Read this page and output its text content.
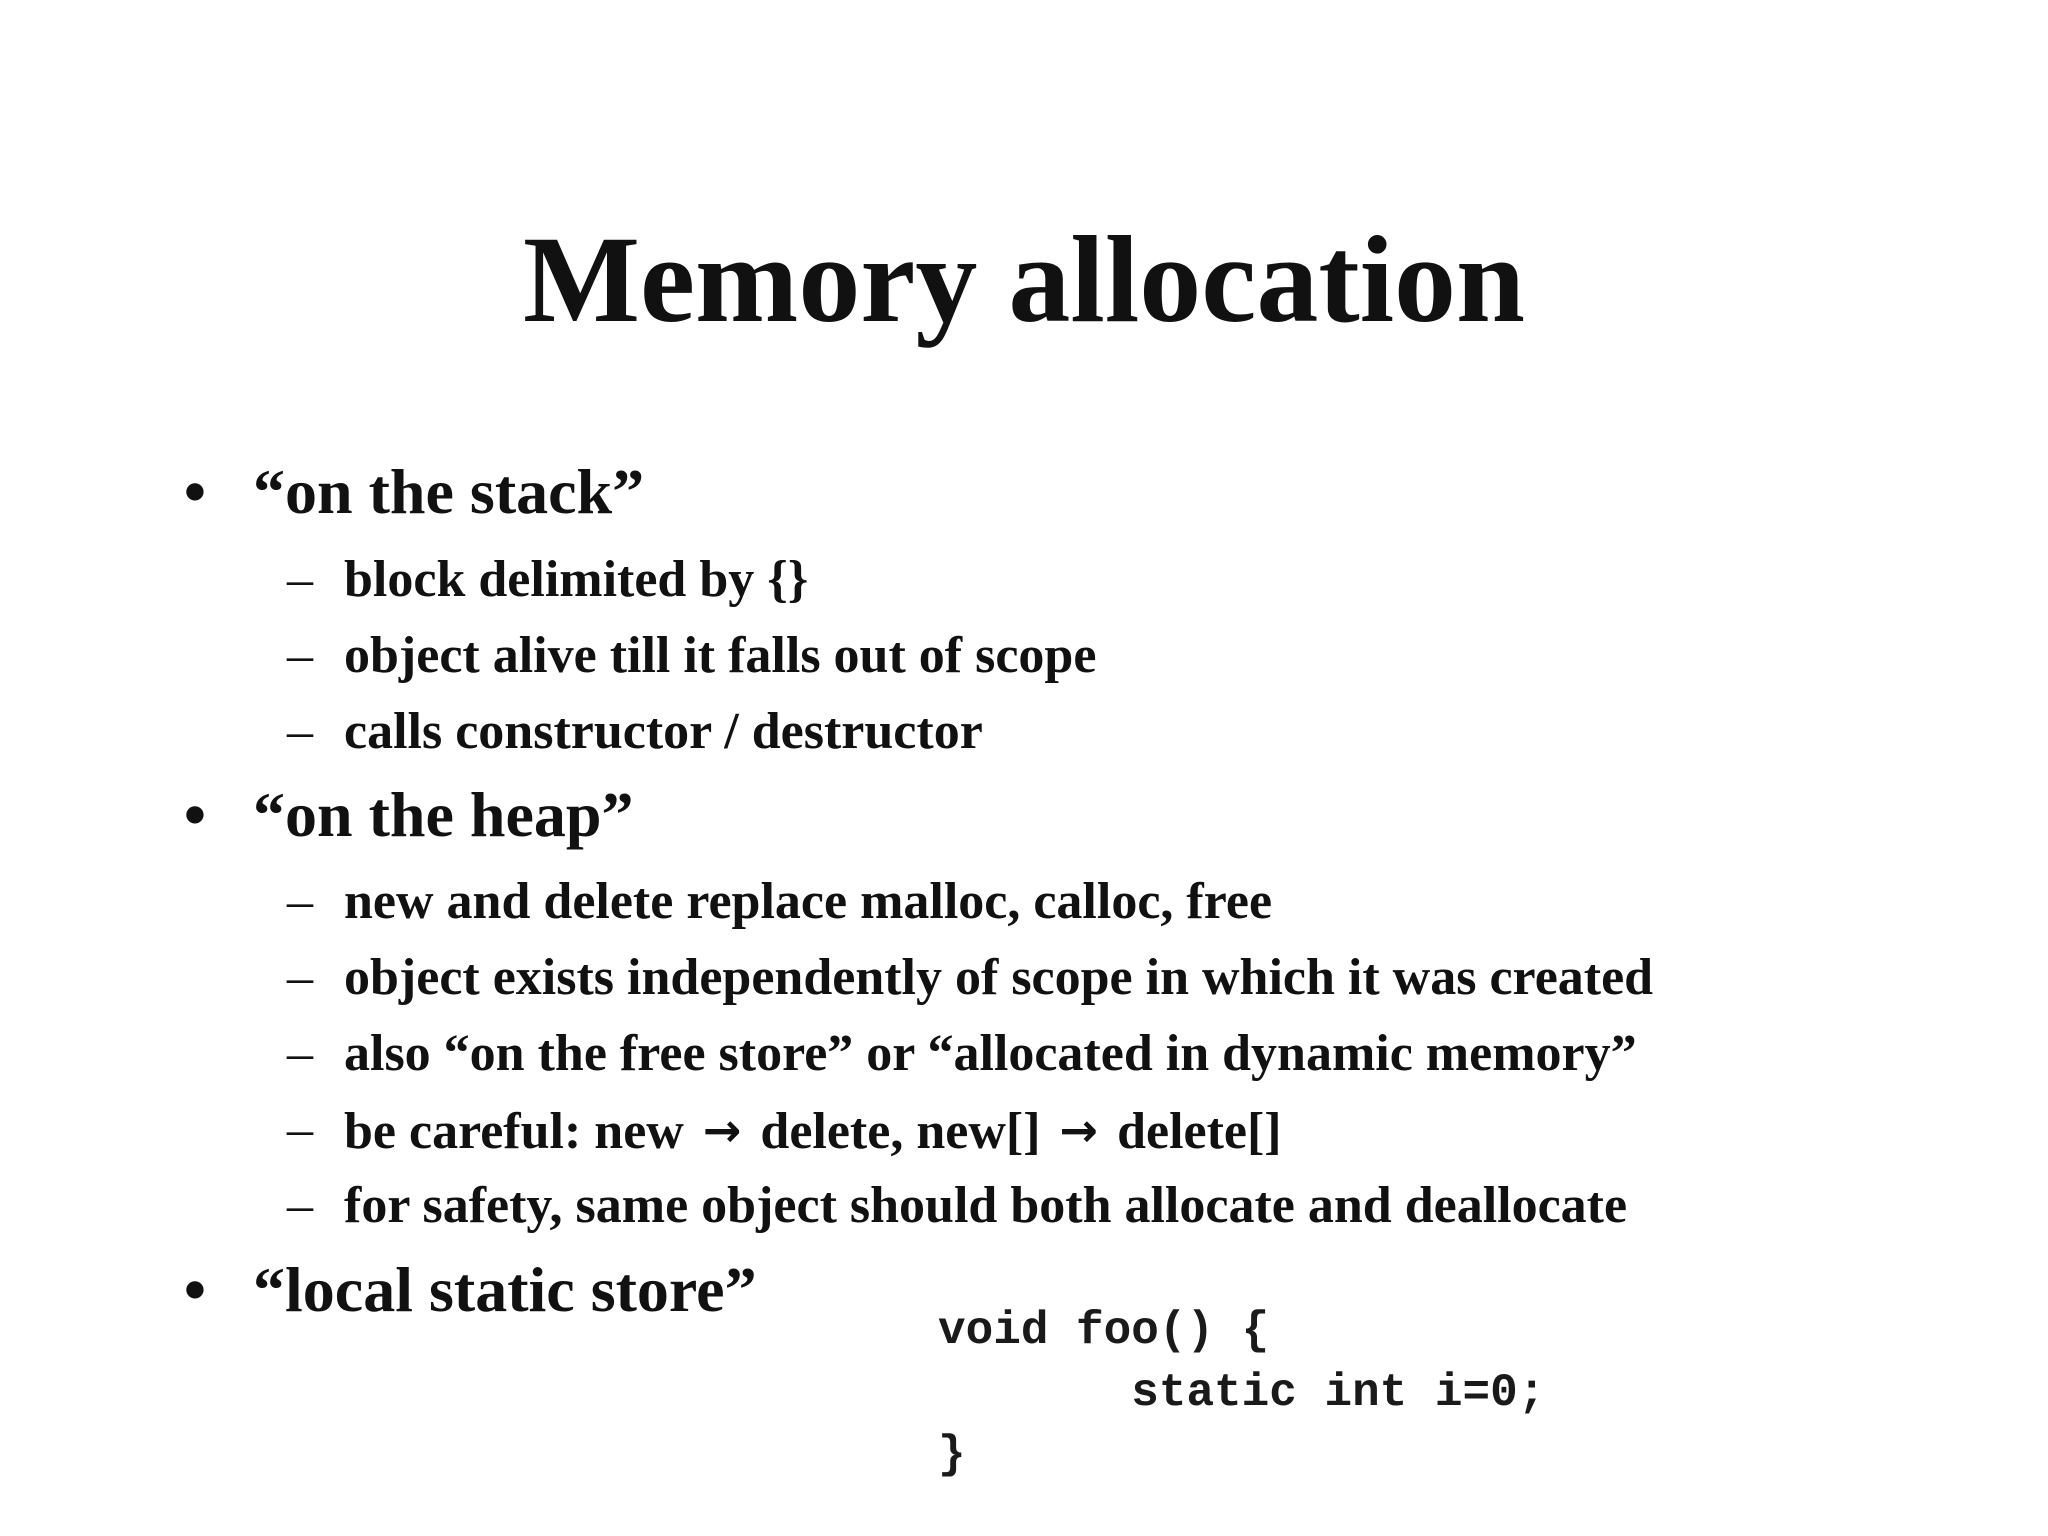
Memory allocation
• “on the stack”
– block delimited by {}
– object alive till it falls out of scope
– calls constructor / destructor
• “on the heap”
– new and delete replace malloc, calloc, free
– object exists independently of scope in which it was created
– also “on the free store” or “allocated in dynamic memory”
– be careful: new → delete, new[] → delete[]
– for safety, same object should both allocate and deallocate
• “local static store”
void foo() {
static int i=0;
}
